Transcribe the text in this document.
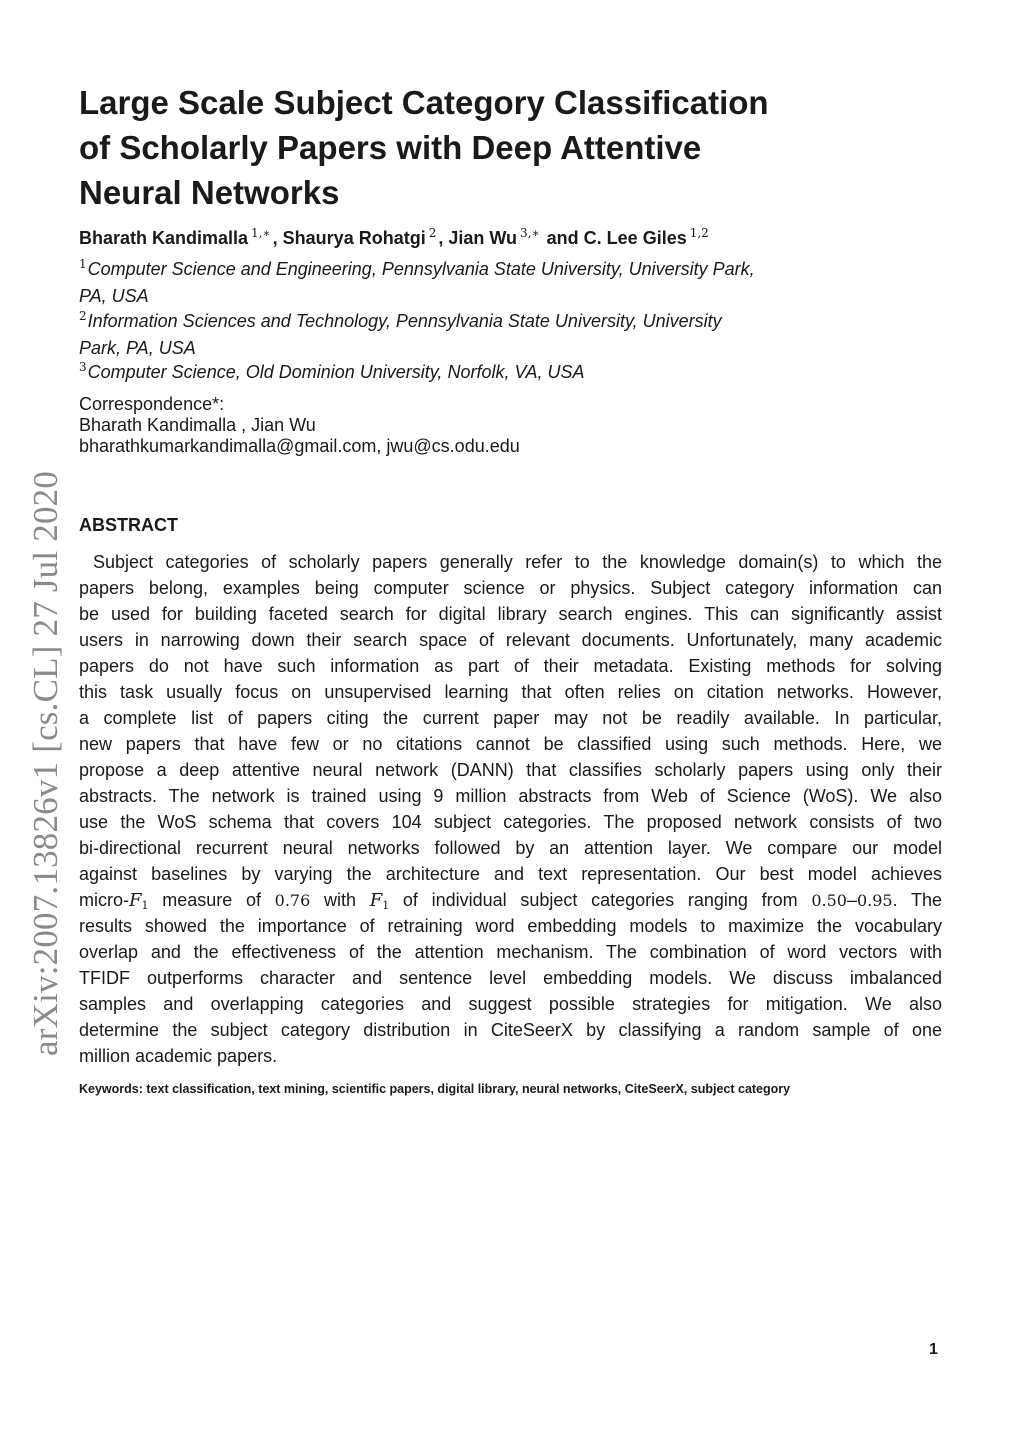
Large Scale Subject Category Classification
of Scholarly Papers with Deep Attentive
Neural Networks
Bharath Kandimalla $^{1,∗}$ , Shaurya Rohatgi $^2$ , Jian Wu $^{3,∗}$ and C. Lee Giles $^{1,2}$
$^1$Computer Science and Engineering, Pennsylvania State University, University Park,
PA, USA
$^2$Information Sciences and Technology, Pennsylvania State University, University
Park, PA, USA
$^3$Computer Science, Old Dominion University, Norfolk, VA, USA
Correspondence*:
Bharath Kandimalla , Jian Wu
bharathkumarkandimalla@gmail.com, jwu@cs.odu.edu
arXiv:2007.13826v1 [cs.CL] 27 Jul 2020 ABSTRACT
Subject categories of scholarly papers generally refer to the knowledge domain(s) to which the
papers belong, examples being computer science or physics. Subject category information can
be used for building faceted search for digital library search engines. This can significantly assist
users in narrowing down their search space of relevant documents. Unfortunately, many academic
papers do not have such information as part of their metadata. Existing methods for solving
this task usually focus on unsupervised learning that often relies on citation networks. However,
a complete list of papers citing the current paper may not be readily available. In particular,
new papers that have few or no citations cannot be classified using such methods. Here, we
propose a deep attentive neural network (DANN) that classifies scholarly papers using only their
abstracts. The network is trained using 9 million abstracts from Web of Science (WoS). We also
use the WoS schema that covers 104 subject categories. The proposed network consists of two
bi-directional recurrent neural networks followed by an attention layer. We compare our model
against baselines by varying the architecture and text representation. Our best model achieves
micro-$F_1$ measure of 0.76 with $F_1$ of individual subject categories ranging from 0.50–0.95. The
results showed the importance of retraining word embedding models to maximize the vocabulary
overlap and the effectiveness of the attention mechanism. The combination of word vectors with
TFIDF outperforms character and sentence level embedding models. We discuss imbalanced
samples and overlapping categories and suggest possible strategies for mitigation. We also
determine the subject category distribution in CiteSeerX by classifying a random sample of one
million academic papers.
Keywords: text classification, text mining, scientific papers, digital library, neural networks, CiteSeerX, subject category
1
